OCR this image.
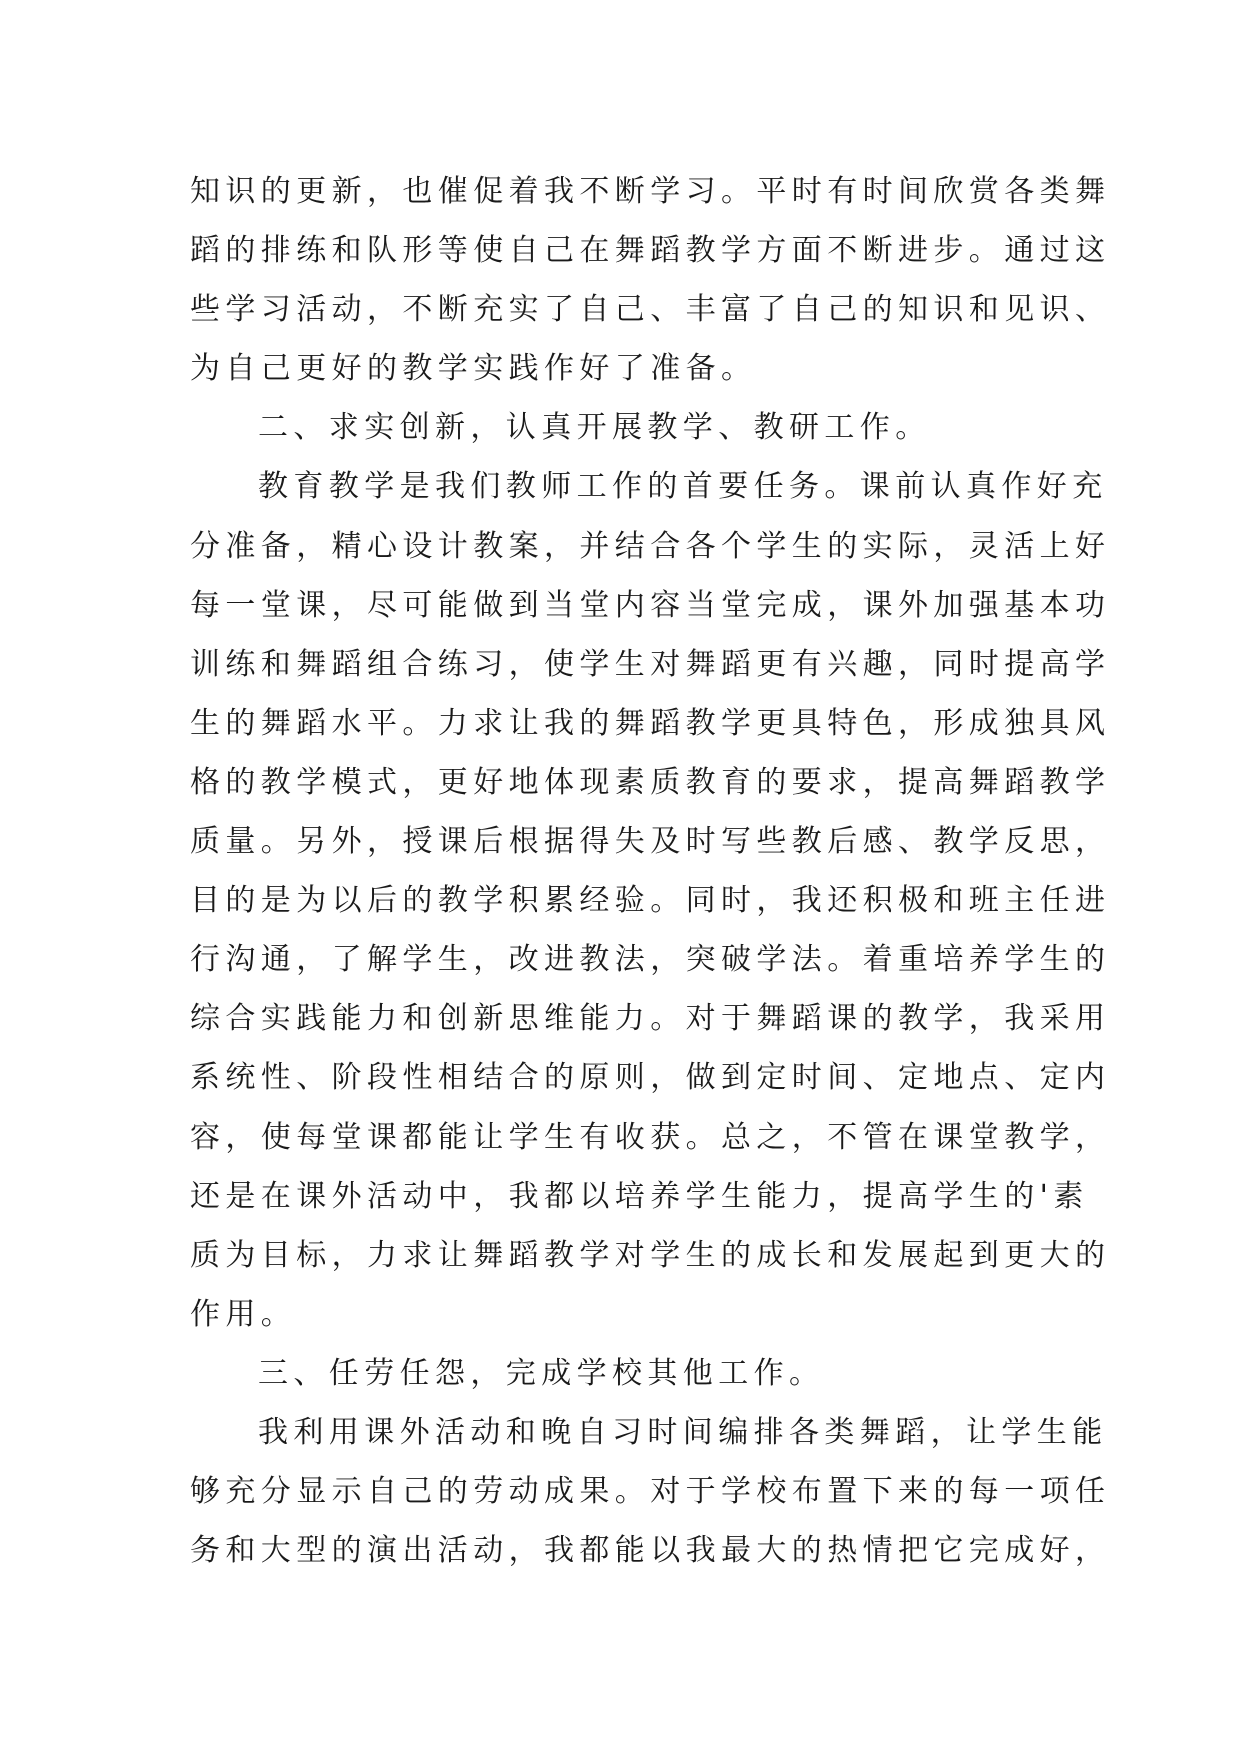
知识的更新，也催促着我不断学习。平时有时间欣赏各类舞
蹈的排练和队形等使自己在舞蹈教学方面不断进步。通过这
些学习活动，不断充实了自己、丰富了自己的知识和见识、
为自己更好的教学实践作好了准备。
二、求实创新，认真开展教学、教研工作。
教育教学是我们教师工作的首要任务。课前认真作好充
分准备，精心设计教案，并结合各个学生的实际，灵活上好
每一堂课，尽可能做到当堂内容当堂完成，课外加强基本功
训练和舞蹈组合练习，使学生对舞蹈更有兴趣，同时提高学
生的舞蹈水平。力求让我的舞蹈教学更具特色，形成独具风
格的教学模式，更好地体现素质教育的要求，提高舞蹈教学
质量。另外，授课后根据得失及时写些教后感、教学反思，
目的是为以后的教学积累经验。同时，我还积极和班主任进
行沟通，了解学生，改进教法，突破学法。着重培养学生的
综合实践能力和创新思维能力。对于舞蹈课的教学，我采用
系统性、阶段性相结合的原则，做到定时间、定地点、定内
容，使每堂课都能让学生有收获。总之，不管在课堂教学，
还是在课外活动中，我都以培养学生能力，提高学生的'素
质为目标，力求让舞蹈教学对学生的成长和发展起到更大的
作用。
三、任劳任怨，完成学校其他工作。
我利用课外活动和晚自习时间编排各类舞蹈，让学生能
够充分显示自己的劳动成果。对于学校布置下来的每一项任
务和大型的演出活动，我都能以我最大的热情把它完成好，
